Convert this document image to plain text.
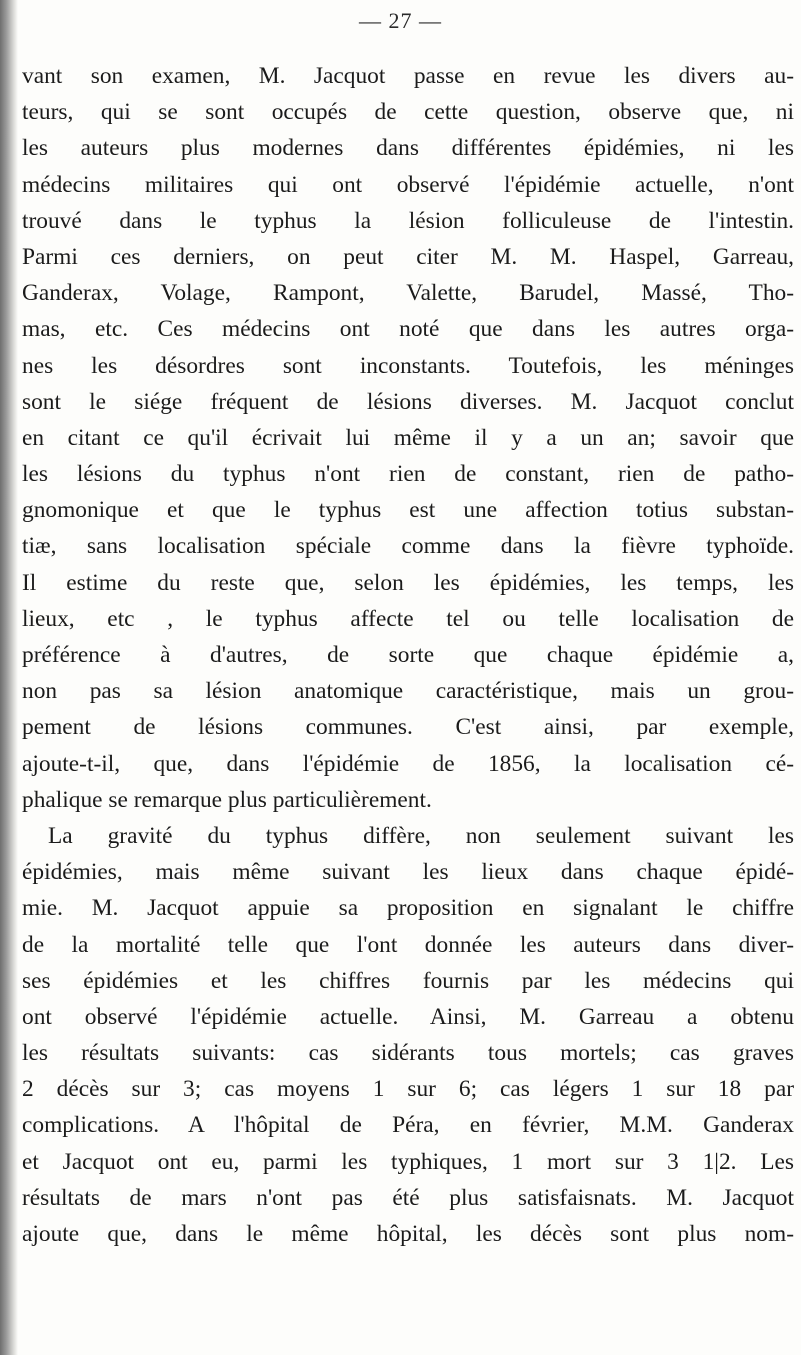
— 27 —
vant son examen, M. Jacquot passe en revue les divers au-
teurs, qui se sont occupés de cette question, observe que, ni
les auteurs plus modernes dans différentes épidémies, ni les
médecins militaires qui ont observé l'épidémie actuelle, n'ont
trouvé dans le typhus la lésion folliculeuse de l'intestin.
Parmi ces derniers, on peut citer M. M. Haspel, Garreau,
Ganderax, Volage, Rampont, Valette, Barudel, Massé, Tho-
mas, etc. Ces médecins ont noté que dans les autres orga-
nes les désordres sont inconstants. Toutefois, les méninges
sont le siége fréquent de lésions diverses. M. Jacquot conclut
en citant ce qu'il écrivait lui même il y a un an; savoir que
les lésions du typhus n'ont rien de constant, rien de patho-
gnomonique et que le typhus est une affection totius substan-
tiæ, sans localisation spéciale comme dans la fièvre typhoïde.
Il estime du reste que, selon les épidémies, les temps, les
lieux, etc , le typhus affecte tel ou telle localisation de
préférence à d'autres, de sorte que chaque épidémie a,
non pas sa lésion anatomique caractéristique, mais un grou-
pement de lésions communes. C'est ainsi, par exemple,
ajoute-t-il, que, dans l'épidémie de 1856, la localisation cé-
phalique se remarque plus particulièrement.
La gravité du typhus diffère, non seulement suivant les
épidémies, mais même suivant les lieux dans chaque épidé-
mie. M. Jacquot appuie sa proposition en signalant le chiffre
de la mortalité telle que l'ont donnée les auteurs dans diver-
ses épidémies et les chiffres fournis par les médecins qui
ont observé l'épidémie actuelle. Ainsi, M. Garreau a obtenu
les résultats suivants: cas sidérants tous mortels; cas graves
2 décès sur 3; cas moyens 1 sur 6; cas légers 1 sur 18 par
complications. A l'hôpital de Péra, en février, M.M. Ganderax
et Jacquot ont eu, parmi les typhiques, 1 mort sur 3 1|2. Les
résultats de mars n'ont pas été plus satisfaisnats. M. Jacquot
ajoute que, dans le même hôpital, les décès sont plus nom-
